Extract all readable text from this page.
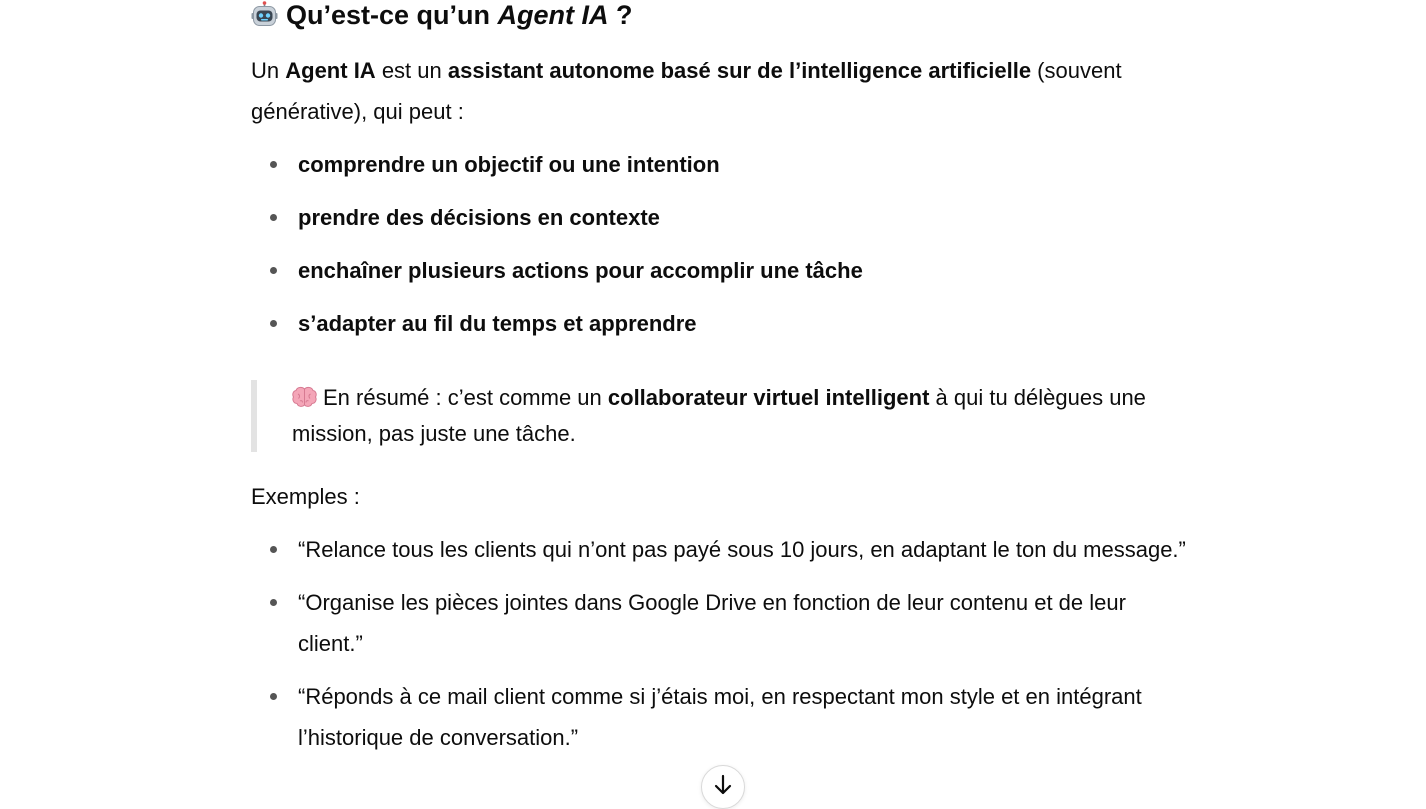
Qu’est-ce qu’un Agent IA ?

Un Agent IA est un assistant autonome basé sur de l’intelligence artificielle (souvent générative), qui peut :

comprendre un objectif ou une intention
prendre des décisions en contexte
enchaîner plusieurs actions pour accomplir une tâche
s’adapter au fil du temps et apprendre
En résumé : c’est comme un collaborateur virtuel intelligent à qui tu délègues une mission, pas juste une tâche.

Exemples :

“Relance tous les clients qui n’ont pas payé sous 10 jours, en adaptant le ton du message.”
“Organise les pièces jointes dans Google Drive en fonction de leur contenu et de leur client.”
“Réponds à ce mail client comme si j’étais moi, en respectant mon style et en intégrant l’historique de conversation.”
